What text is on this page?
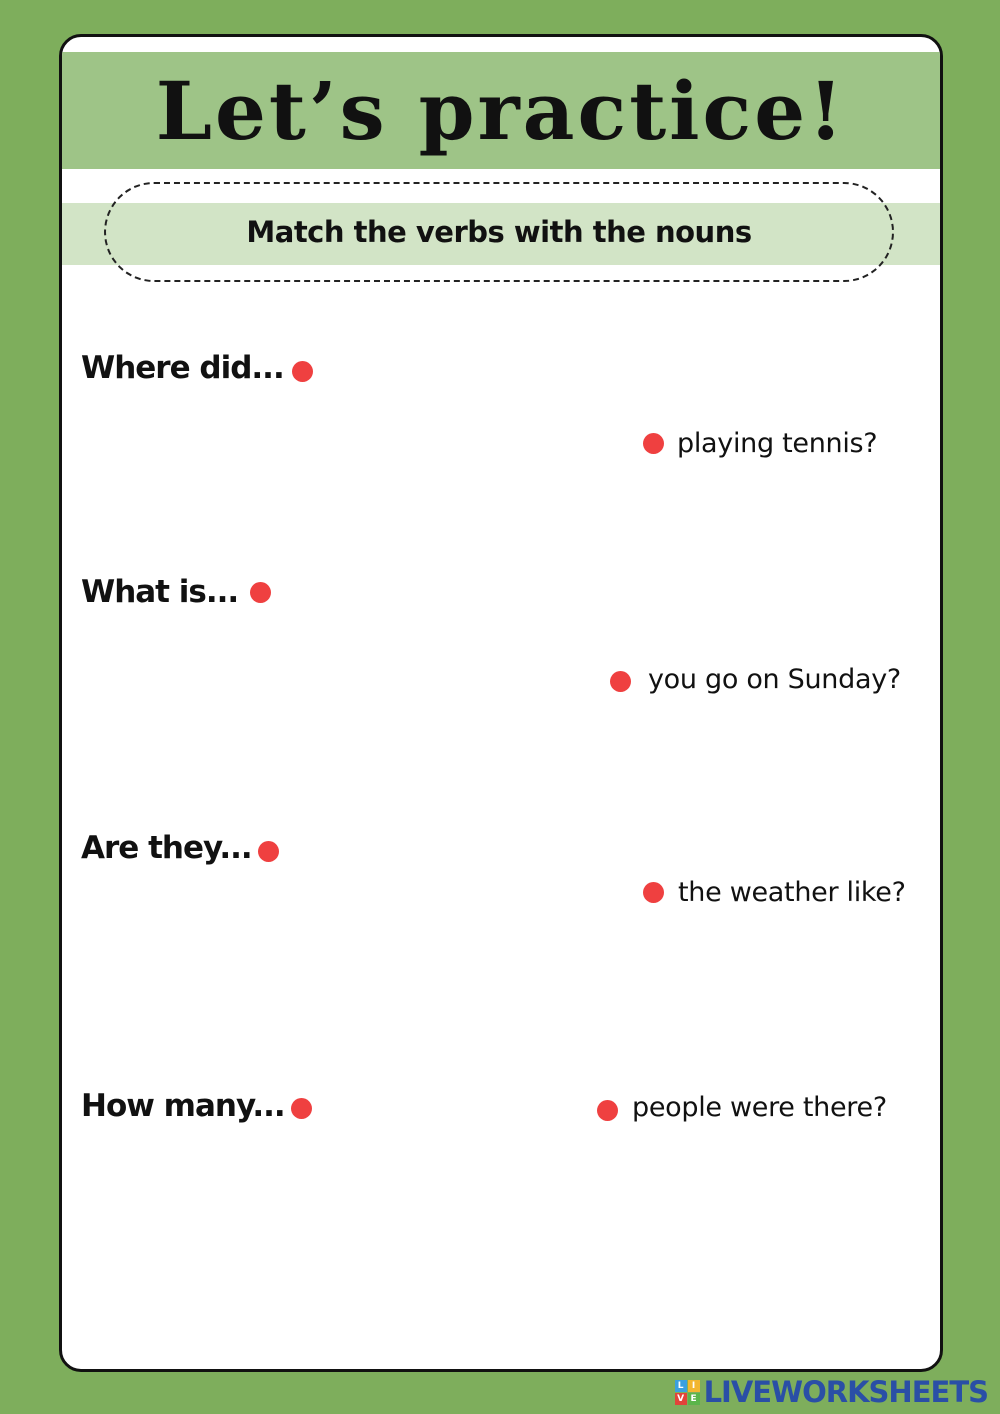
Let’s practice!
Match the verbs with the nouns
Where did...
What is...
Are they...
How many...
playing tennis?
you go on Sunday?
the weather like?
people were there?
L I
V E LIVEWORKSHEETS
